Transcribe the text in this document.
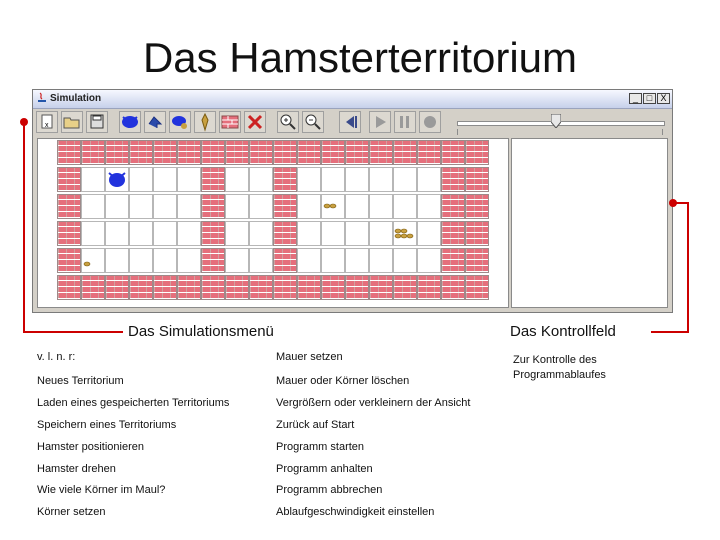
Das Hamsterterritorium
Simulation	_ □ X
x
Das Simulationsmenü	Das Kontrollfeld
Zur Kontrolle des
Programmablaufes
v. l. n. r:
Neues Territorium
Laden eines gespeicherten Territoriums
Speichern eines Territoriums
Hamster positionieren
Hamster drehen
Wie viele Körner im Maul?
Körner setzen
Mauer setzen
Mauer oder Körner löschen
Vergrößern oder verkleinern der Ansicht
Zurück auf Start
Programm starten
Programm anhalten
Programm abbrechen
Ablaufgeschwindigkeit einstellen
